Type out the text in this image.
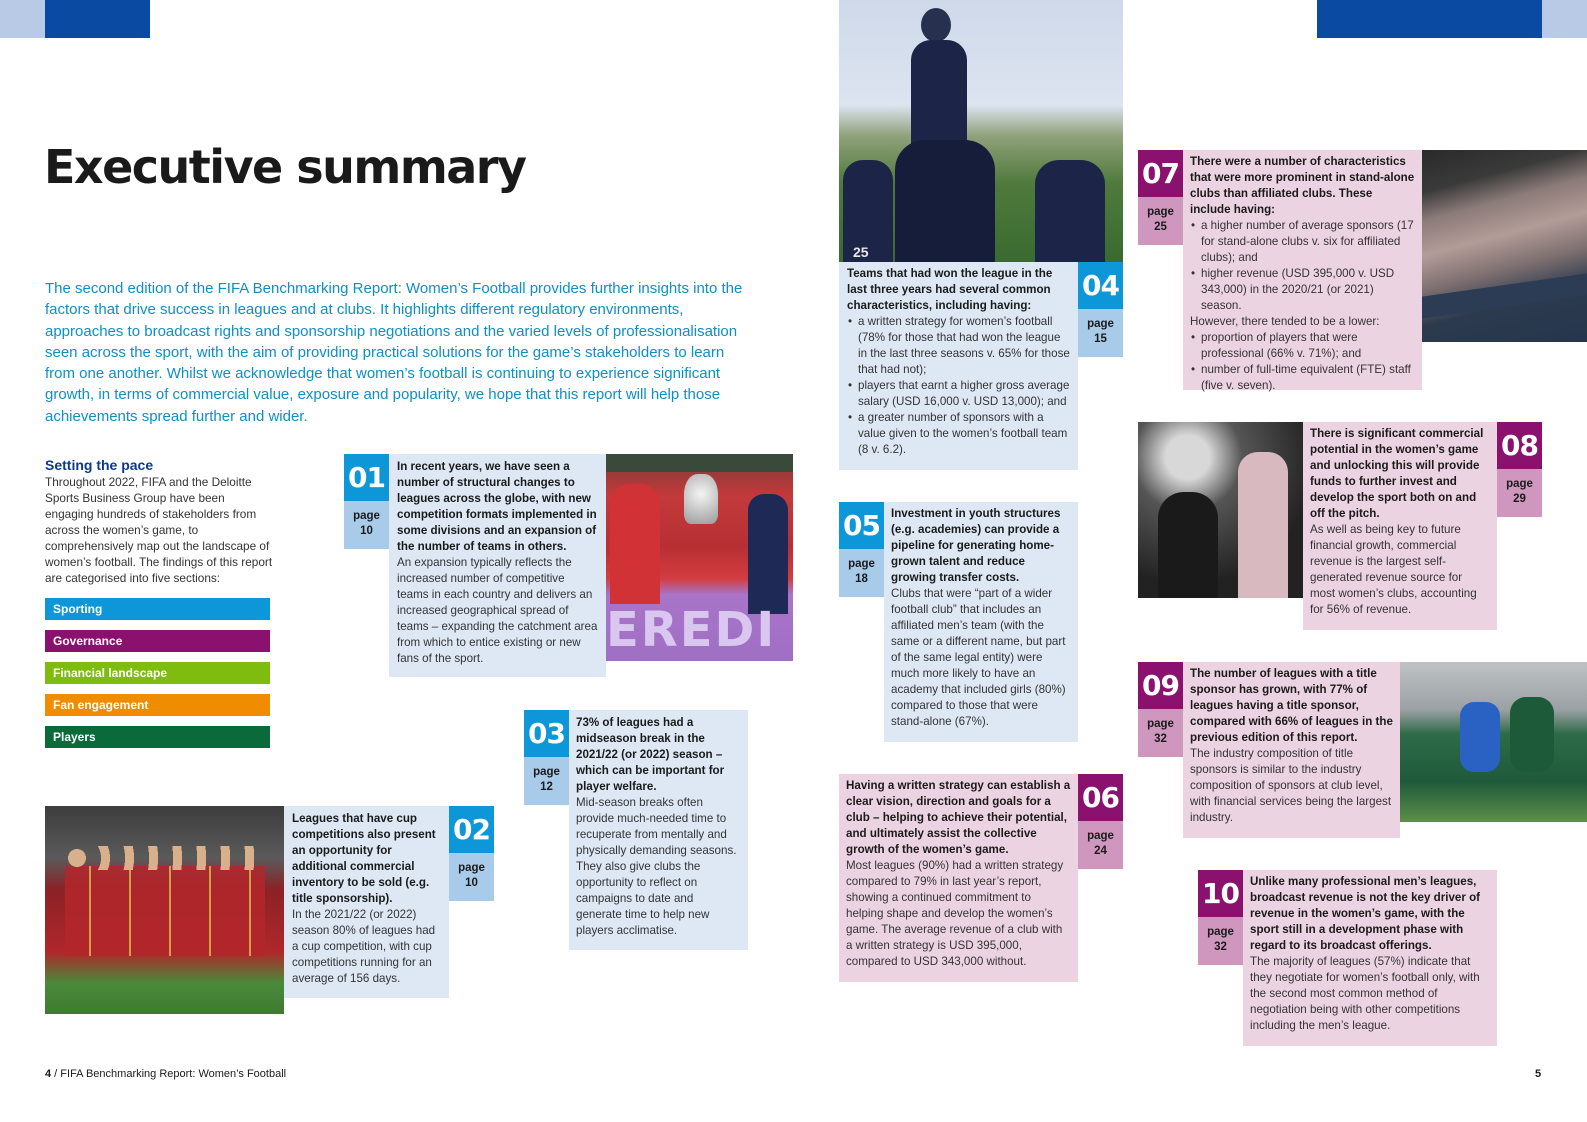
Executive summary
The second edition of the FIFA Benchmarking Report: Women’s Football provides further insights into the factors that drive success in leagues and at clubs. It highlights different regulatory environments, approaches to broadcast rights and sponsorship negotiations and the varied levels of professionalisation seen across the sport, with the aim of providing practical solutions for the game’s stakeholders to learn from one another. Whilst we acknowledge that women’s football is continuing to experience significant growth, in terms of commercial value, exposure and popularity, we hope that this report will help those achievements spread further and wider.
Setting the pace
Throughout 2022, FIFA and the Deloitte Sports Business Group have been engaging hundreds of stakeholders from across the women’s game, to comprehensively map out the landscape of women’s football. The findings of this report are categorised into five sections:
Sporting
Governance
Financial landscape
Fan engagement
Players
01
page
10
In recent years, we have seen a number of structural changes to leagues across the globe, with new competition formats implemented in some divisions and an expansion of the number of teams in others.
An expansion typically reflects the increased number of competitive teams in each country and delivers an increased geographical spread of teams – expanding the catchment area from which to entice existing or new fans of the sport.
EREDI
Leagues that have cup competitions also present an opportunity for additional commercial inventory to be sold (e.g. title sponsorship).
In the 2021/22 (or 2022) season 80% of leagues had a cup competition, with cup competitions running for an average of 156 days.
02
page
10
03
page
12
73% of leagues had a midseason break in the 2021/22 (or 2022) season – which can be important for player welfare.
Mid-season breaks often provide much-needed time to recuperate from mentally and physically demanding seasons. They also give clubs the opportunity to reflect on campaigns to date and generate time to help new players acclimatise.
25
Teams that had won the league in the last three years had several common characteristics, including having:
• a written strategy for women’s football (78% for those that had won the league in the last three seasons v. 65% for those that had not);
• players that earnt a higher gross average salary (USD 16,000 v. USD 13,000); and
• a greater number of sponsors with a value given to the women’s football team (8 v. 6.2).
04
page
15
05
page
18
Investment in youth structures (e.g. academies) can provide a pipeline for generating home-grown talent and reduce growing transfer costs.
Clubs that were “part of a wider football club” that includes an affiliated men’s team (with the same or a different name, but part of the same legal entity) were much more likely to have an academy that included girls (80%) compared to those that were stand-alone (67%).
Having a written strategy can establish a clear vision, direction and goals for a club – helping to achieve their potential, and ultimately assist the collective growth of the women’s game.
Most leagues (90%) had a written strategy compared to 79% in last year’s report, showing a continued commitment to helping shape and develop the women’s game. The average revenue of a club with a written strategy is USD 395,000, compared to USD 343,000 without.
06
page
24
07
page
25
There were a number of characteristics that were more prominent in stand-alone clubs than affiliated clubs. These include having:
• a higher number of average sponsors (17 for stand-alone clubs v. six for affiliated clubs); and
• higher revenue (USD 395,000 v. USD 343,000) in the 2020/21 (or 2021) season.
However, there tended to be a lower:
• proportion of players that were professional (66% v. 71%); and
• number of full-time equivalent (FTE) staff (five v. seven).
There is significant commercial potential in the women’s game and unlocking this will provide funds to further invest and develop the sport both on and off the pitch.
As well as being key to future financial growth, commercial revenue is the largest self-generated revenue source for most women’s clubs, accounting for 56% of revenue.
08
page
29
09
page
32
The number of leagues with a title sponsor has grown, with 77% of leagues having a title sponsor, compared with 66% of leagues in the previous edition of this report.
The industry composition of title sponsors is similar to the industry composition of sponsors at club level, with financial services being the largest industry.
10
page
32
Unlike many professional men’s leagues, broadcast revenue is not the key driver of revenue in the women’s game, with the sport still in a development phase with regard to its broadcast offerings.
The majority of leagues (57%) indicate that they negotiate for women’s football only, with the second most common method of negotiation being with other competitions including the men’s league.
4 / FIFA Benchmarking Report: Women’s Football	5
